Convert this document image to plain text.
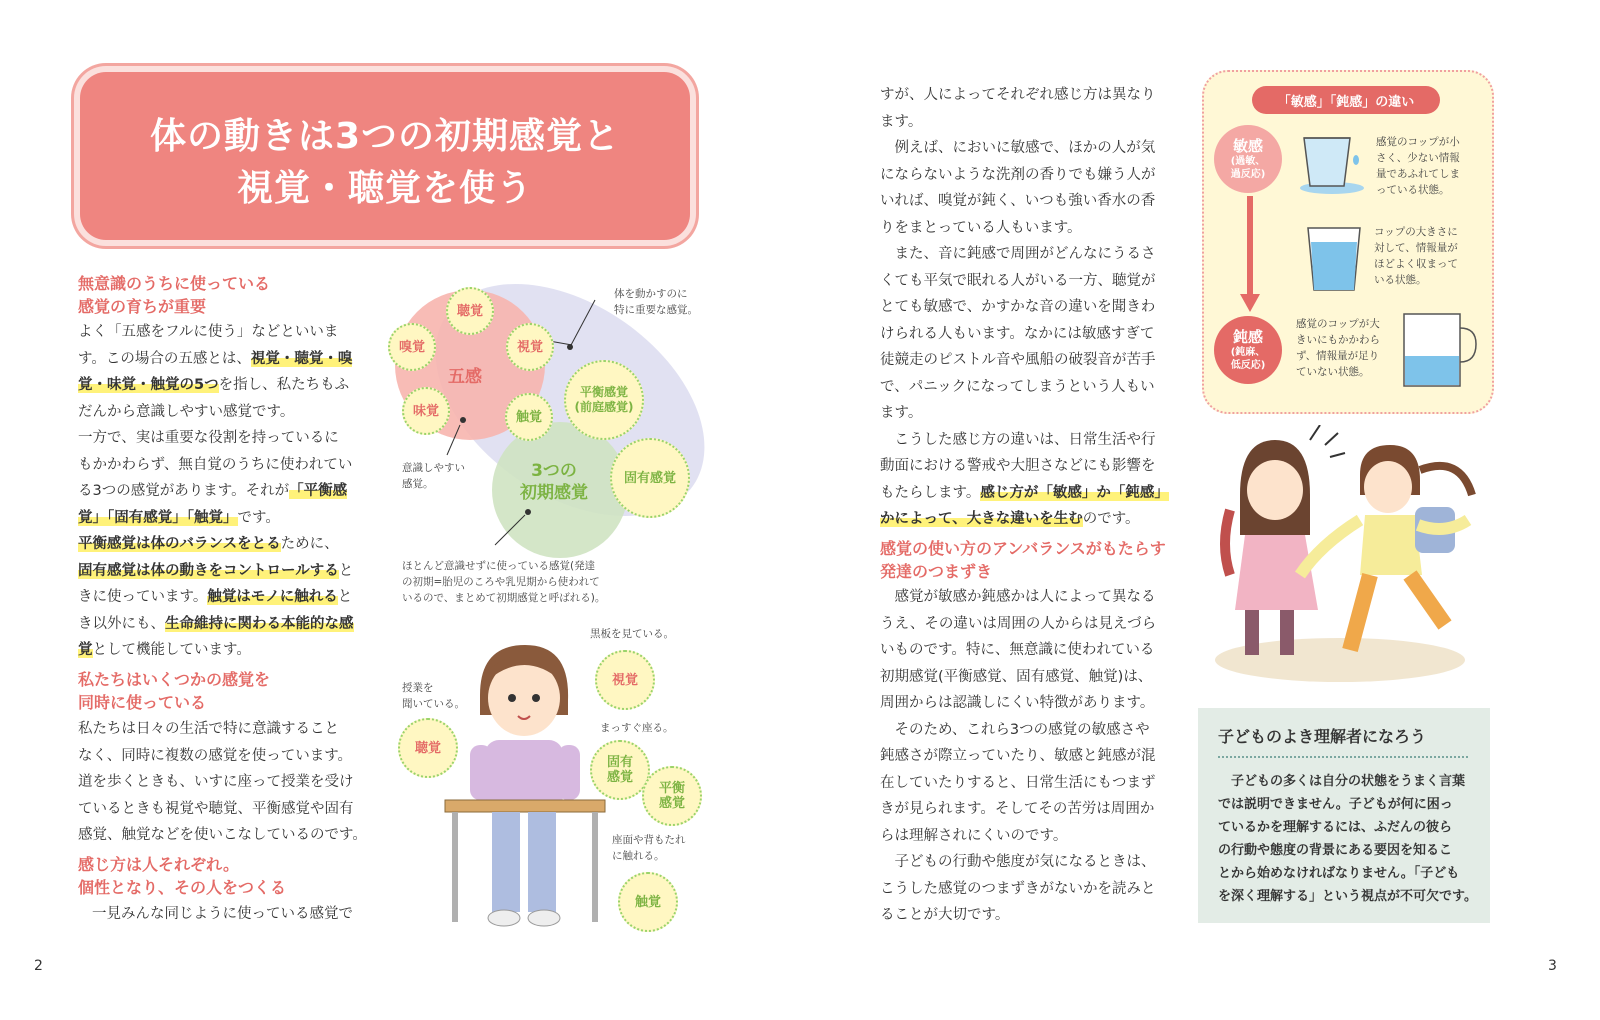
体の動きは3つの初期感覚と
視覚・聴覚を使う
無意識のうちに使っている
感覚の育ちが重要
よく「五感をフルに使う」などといいま
す。この場合の五感とは、視覚・聴覚・嗅
覚・味覚・触覚の5つを指し、私たちもふ
だんから意識しやすい感覚です。
一方で、実は重要な役割を持っているに
もかかわらず、無自覚のうちに使われてい
る3つの感覚があります。それが「平衡感
覚」「固有感覚」「触覚」です。
平衡感覚は体のバランスをとるために、
固有感覚は体の動きをコントロールすると
きに使っています。触覚はモノに触れると
き以外にも、生命維持に関わる本能的な感
覚として機能しています。
私たちはいくつかの感覚を
同時に使っている
私たちは日々の生活で特に意識すること
なく、同時に複数の感覚を使っています。
道を歩くときも、いすに座って授業を受け
ているときも視覚や聴覚、平衡感覚や固有
感覚、触覚などを使いこなしているのです。
感じ方は人それぞれ。
個性となり、その人をつくる
一見みんな同じように使っている感覚で
五感
3つの
初期感覚
聴覚
嗅覚	視覚
味覚	触覚
平衡感覚
(前庭感覚)
固有感覚
体を動かすのに
特に重要な感覚。
意識しやすい
感覚。
ほとんど意識せずに使っている感覚(発達
の初期=胎児のころや乳児期から使われて
いるので、まとめて初期感覚と呼ばれる)。
視覚
聴覚
固有
感覚
平衡
感覚
触覚
黒板を見ている。
授業を
聞いている。
まっすぐ座る。
座面や背もたれ
に触れる。
すが、人によってそれぞれ感じ方は異なり
ます。
　例えば、においに敏感で、ほかの人が気
にならないような洗剤の香りでも嫌う人が
いれば、嗅覚が鈍く、いつも強い香水の香
りをまとっている人もいます。
　また、音に鈍感で周囲がどんなにうるさ
くても平気で眠れる人がいる一方、聴覚が
とても敏感で、かすかな音の違いを聞きわ
けられる人もいます。なかには敏感すぎて
徒競走のピストル音や風船の破裂音が苦手
で、パニックになってしまうという人もい
ます。
　こうした感じ方の違いは、日常生活や行
動面における警戒や大胆さなどにも影響を
もたらします。感じ方が「敏感」か「鈍感」
かによって、大きな違いを生むのです。
感覚の使い方のアンバランスがもたらす
発達のつまずき
　感覚が敏感か鈍感かは人によって異なる
うえ、その違いは周囲の人からは見えづら
いものです。特に、無意識に使われている
初期感覚(平衡感覚、固有感覚、触覚)は、
周囲からは認識しにくい特徴があります。
　そのため、これら3つの感覚の敏感さや
鈍感さが際立っていたり、敏感と鈍感が混
在していたりすると、日常生活にもつまず
きが見られます。そしてその苦労は周囲か
らは理解されにくいのです。
　子どもの行動や態度が気になるときは、
こうした感覚のつまずきがないかを読みと
ることが大切です。
「敏感」「鈍感」の違い
敏感
(過敏、
過反応)
鈍感
(鈍麻、
低反応)
感覚のコップが小
さく、少ない情報
量であふれてしま
っている状態。
コップの大きさに
対して、情報量が
ほどよく収まって
いる状態。
感覚のコップが大
きいにもかかわら
ず、情報量が足り
ていない状態。
子どものよき理解者になろう
　子どもの多くは自分の状態をうまく言葉
では説明できません。子どもが何に困っ
ているかを理解するには、ふだんの彼ら
の行動や態度の背景にある要因を知るこ
とから始めなければなりません。「子ども
を深く理解する」という視点が不可欠です。
2	3
